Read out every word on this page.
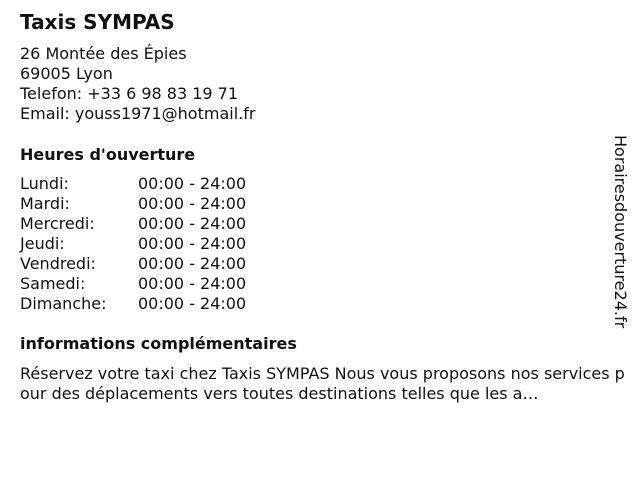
Taxis SYMPAS
26 Montée des Épies
69005 Lyon
Telefon: +33 6 98 83 19 71
Email: youss1971@hotmail.fr
Heures d'ouverture
Lundi:	00:00 - 24:00
Mardi:	00:00 - 24:00
Mercredi:	00:00 - 24:00
Jeudi:	00:00 - 24:00
Vendredi:	00:00 - 24:00
Samedi:	00:00 - 24:00
Dimanche:	00:00 - 24:00
informations complémentaires

Réservez votre taxi chez Taxis SYMPAS Nous vous proposons nos services pour des déplacements vers toutes destinations telles que les a…

Horairesdouverture24.fr
